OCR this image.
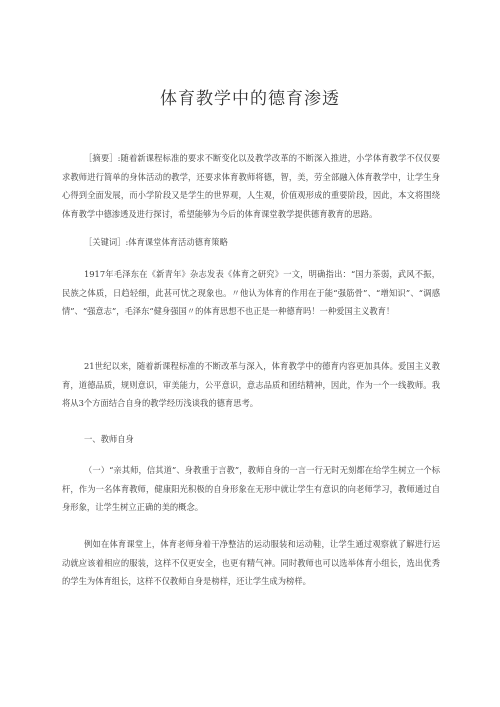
体育教学中的德育渗透

［摘要］:随着新课程标准的要求不断变化以及教学改革的不断深入推进，小学体育教学不仅仅要求教师进行简单的身体活动的教学，还要求体育教师将德，智，美，劳全部融入体育教学中，让学生身心得到全面发展，而小学阶段又是学生的世界观，人生观，价值观形成的重要阶段，因此，本文将围绕体育教学中德渗透及进行探讨，希望能够为今后的体育课堂教学提供德育教育的思路。

［关键词］:体育课堂体育活动德育策略

1917年毛泽东在《新青年》杂志发表《体育之研究》一文，明确指出：“国力茶弱，武风不振，民族之体质，日趋轻细，此甚可忧之现象也。〃他认为体育的作用在于能“强筋骨”、“增知识”、“调感情”、“强意志”，毛泽东“健身强国〃的体育思想不也正是一种德育吗！一种爱国主义教育！

21世纪以来，随着新课程标准的不断改革与深入，体育教学中的德育内容更加具体。爱国主义教育，道德品质，规则意识，审美能力，公平意识，意志品质和团结精神，因此，作为一个一线教师。我将从3个方面结合自身的教学经历浅谈我的德育思考。

一、教师自身

（一）“亲其师，信其道”、身教重于言教”，教师自身的一言一行无时无刻都在给学生树立一个标杆，作为一名体育教师，健康阳光积极的自身形象在无形中就让学生有意识的向老师学习，教师通过自身形象，让学生树立正确的美的概念。

例如在体育课堂上，体育老师身着干净整洁的运动服装和运动鞋，让学生通过观察就了解进行运动就应该着相应的服装，这样不仅更安全，也更有精气神。同时教师也可以选举体育小组长，选出优秀的学生为体育组长，这样不仅教师自身是榜样，还让学生成为榜样。
